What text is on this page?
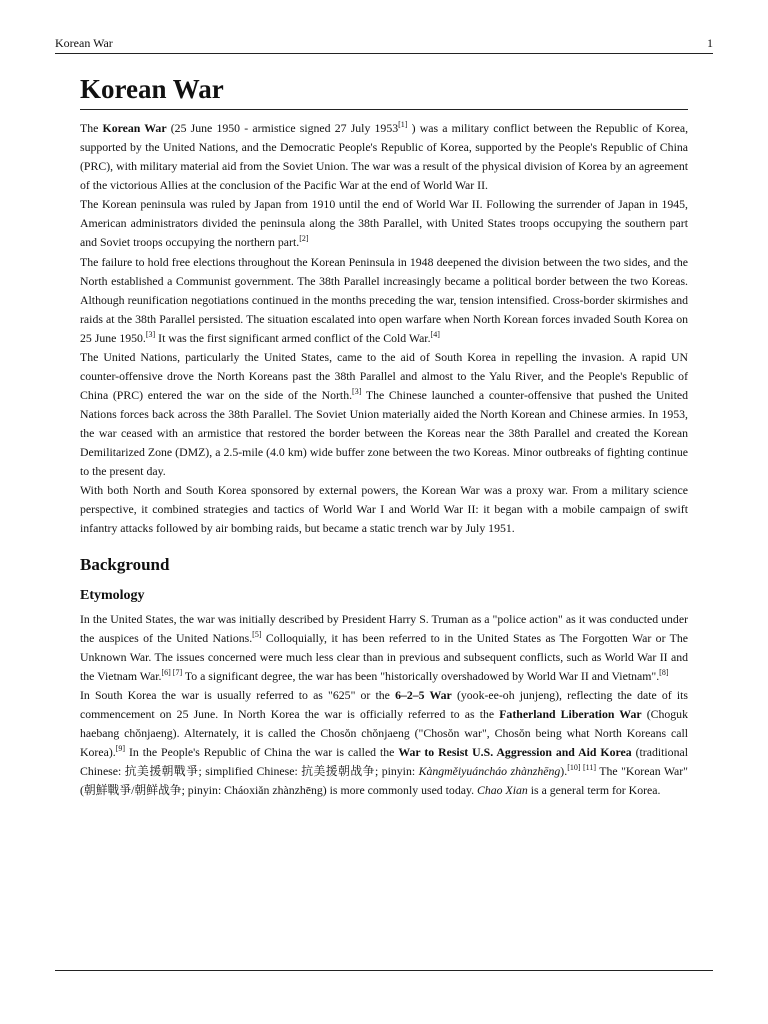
Korean War	1
Korean War

The Korean War (25 June 1950 - armistice signed 27 July 1953[1] ) was a military conflict between the Republic of Korea, supported by the United Nations, and the Democratic People's Republic of Korea, supported by the People's Republic of China (PRC), with military material aid from the Soviet Union. The war was a result of the physical division of Korea by an agreement of the victorious Allies at the conclusion of the Pacific War at the end of World War II.

The Korean peninsula was ruled by Japan from 1910 until the end of World War II. Following the surrender of Japan in 1945, American administrators divided the peninsula along the 38th Parallel, with United States troops occupying the southern part and Soviet troops occupying the northern part.[2]

The failure to hold free elections throughout the Korean Peninsula in 1948 deepened the division between the two sides, and the North established a Communist government. The 38th Parallel increasingly became a political border between the two Koreas. Although reunification negotiations continued in the months preceding the war, tension intensified. Cross-border skirmishes and raids at the 38th Parallel persisted. The situation escalated into open warfare when North Korean forces invaded South Korea on 25 June 1950.[3] It was the first significant armed conflict of the Cold War.[4]

The United Nations, particularly the United States, came to the aid of South Korea in repelling the invasion. A rapid UN counter-offensive drove the North Koreans past the 38th Parallel and almost to the Yalu River, and the People's Republic of China (PRC) entered the war on the side of the North.[3] The Chinese launched a counter-offensive that pushed the United Nations forces back across the 38th Parallel. The Soviet Union materially aided the North Korean and Chinese armies. In 1953, the war ceased with an armistice that restored the border between the Koreas near the 38th Parallel and created the Korean Demilitarized Zone (DMZ), a 2.5-mile (4.0 km) wide buffer zone between the two Koreas. Minor outbreaks of fighting continue to the present day.

With both North and South Korea sponsored by external powers, the Korean War was a proxy war. From a military science perspective, it combined strategies and tactics of World War I and World War II: it began with a mobile campaign of swift infantry attacks followed by air bombing raids, but became a static trench war by July 1951.

Background
Etymology

In the United States, the war was initially described by President Harry S. Truman as a "police action" as it was conducted under the auspices of the United Nations.[5] Colloquially, it has been referred to in the United States as The Forgotten War or The Unknown War. The issues concerned were much less clear than in previous and subsequent conflicts, such as World War II and the Vietnam War.[6] [7] To a significant degree, the war has been "historically overshadowed by World War II and Vietnam".[8]

In South Korea the war is usually referred to as "625" or the 6–2–5 War (yook-ee-oh junjeng), reflecting the date of its commencement on 25 June. In North Korea the war is officially referred to as the Fatherland Liberation War (Choguk haebang chŏnjaeng). Alternately, it is called the Chosŏn chŏnjaeng ("Chosŏn war", Chosŏn being what North Koreans call Korea).[9] In the People's Republic of China the war is called the War to Resist U.S. Aggression and Aid Korea (traditional Chinese: 抗美援朝戰爭; simplified Chinese: 抗美援朝战争; pinyin: Kàngměiyuáncháo zhànzhēng).[10] [11] The "Korean War" (朝鮮戰爭/朝鲜战争; pinyin: Cháoxiǎn zhànzhēng) is more commonly used today. Chao Xian is a general term for Korea.
